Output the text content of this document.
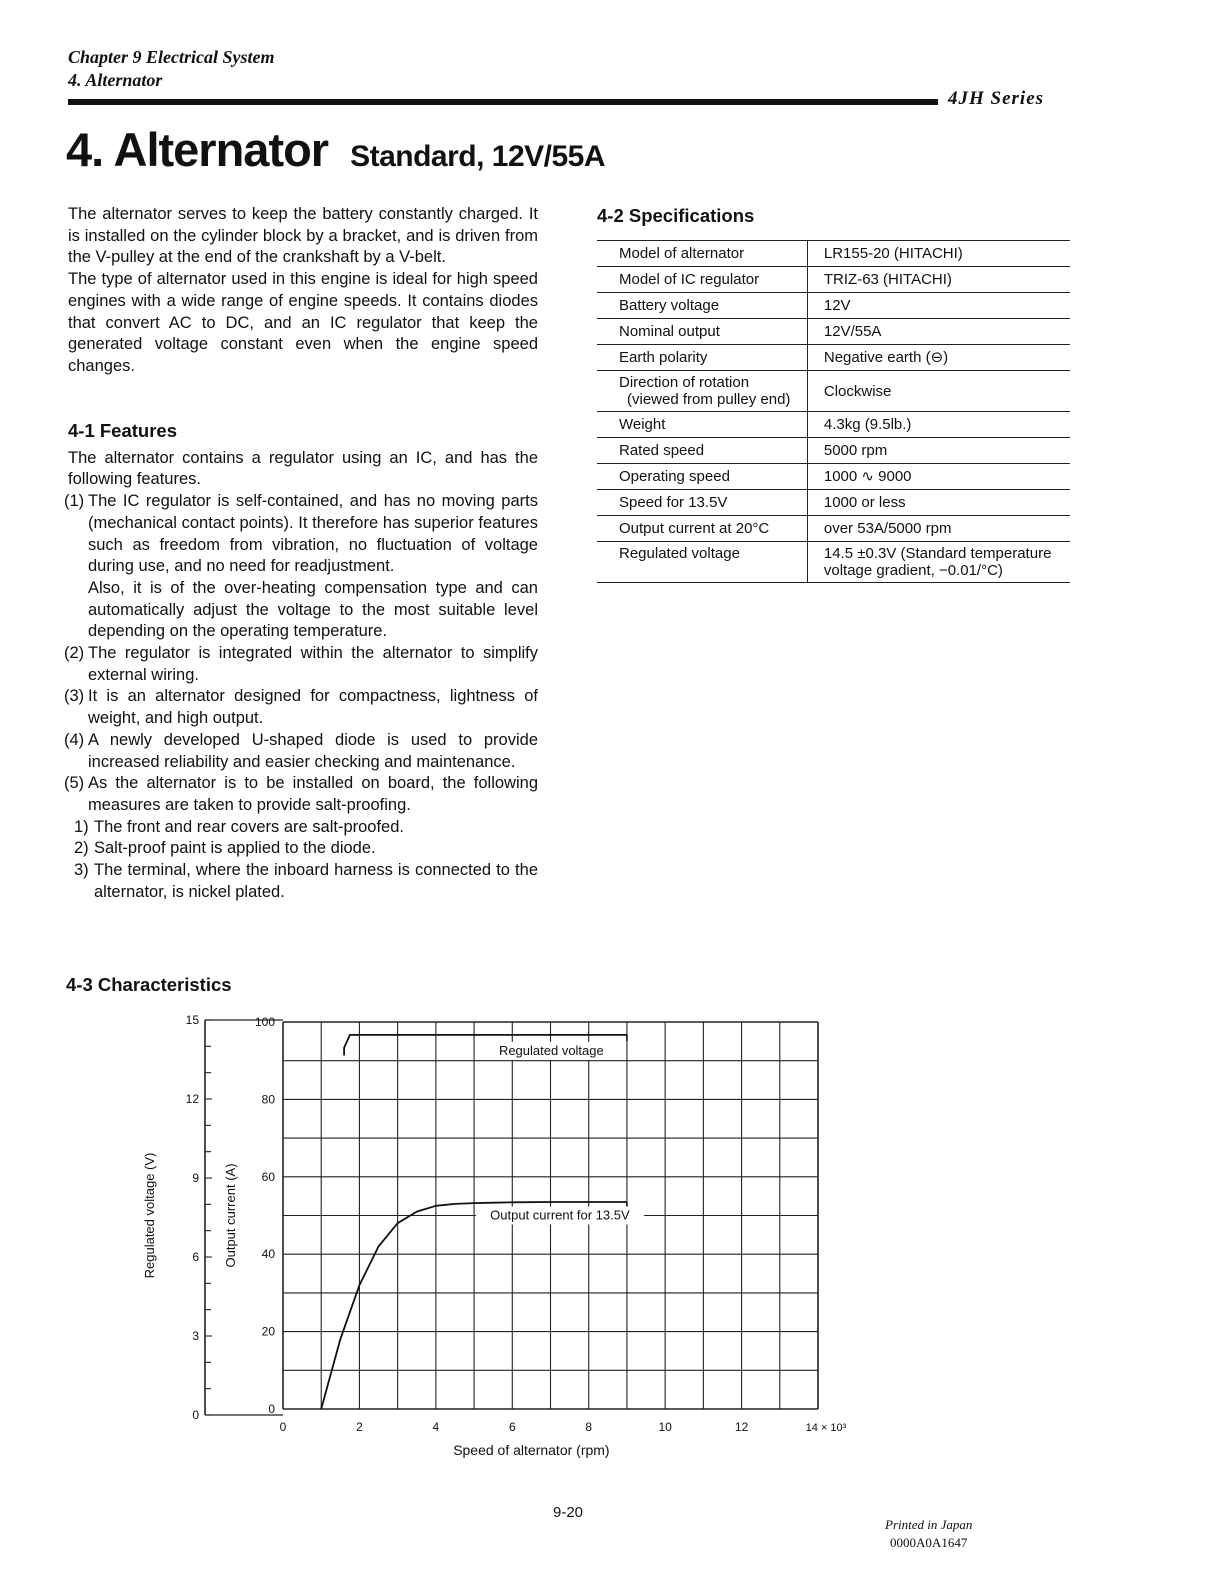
Chapter 9 Electrical System
4. Alternator
4JH Series
4. Alternator Standard, 12V/55A

The alternator serves to keep the battery constantly charged. It is installed on the cylinder block by a bracket, and is driven from the V-pulley at the end of the crankshaft by a V-belt.

The type of alternator used in this engine is ideal for high speed engines with a wide range of engine speeds. It contains diodes that convert AC to DC, and an IC regulator that keep the generated voltage constant even when the engine speed changes.

4-1 Features

The alternator contains a regulator using an IC, and has the following features.

(1) The IC regulator is self-contained, and has no moving parts (mechanical contact points). It therefore has superior features such as freedom from vibration, no fluctuation of voltage during use, and no need for readjustment.
Also, it is of the over-heating compensation type and can automatically adjust the voltage to the most suitable level depending on the operating temperature.
(2) The regulator is integrated within the alternator to simplify external wiring.
(3) It is an alternator designed for compactness, lightness of weight, and high output.
(4) A newly developed U-shaped diode is used to provide increased reliability and easier checking and maintenance.
(5) As the alternator is to be installed on board, the following measures are taken to provide salt-proofing.
1) The front and rear covers are salt-proofed.
2) Salt-proof paint is applied to the diode.
3) The terminal, where the inboard harness is connected to the alternator, is nickel plated.

4-2 Specifications

Model of alternator	LR155-20 (HITACHI)
Model of IC regulator	TRIZ-63 (HITACHI)
Battery voltage	12V
Nominal output	12V/55A
Earth polarity	Negative earth (⊖)

Direction of rotation
(viewed from pulley end)	Clockwise
Weight	4.3kg (9.5lb.)
Rated speed	5000 rpm
Operating speed	1000 ∿ 9000
Speed for 13.5V	1000 or less
Output current at 20°C	over 53A/5000 rpm
Regulated voltage	14.5 ±0.3V (Standard temperature
voltage gradient, −0.01/°C)

4-3 Characteristics

0
3
6
9
12
15
0
20
40
60
80
100
0	2	4	6	8	10	12	14 × 10³
Regulated voltage (V)	Output current (A)
Speed of alternator (rpm)
Regulated voltage
Output current for 13.5V
9-20
Printed in Japan
0000A0A1647
